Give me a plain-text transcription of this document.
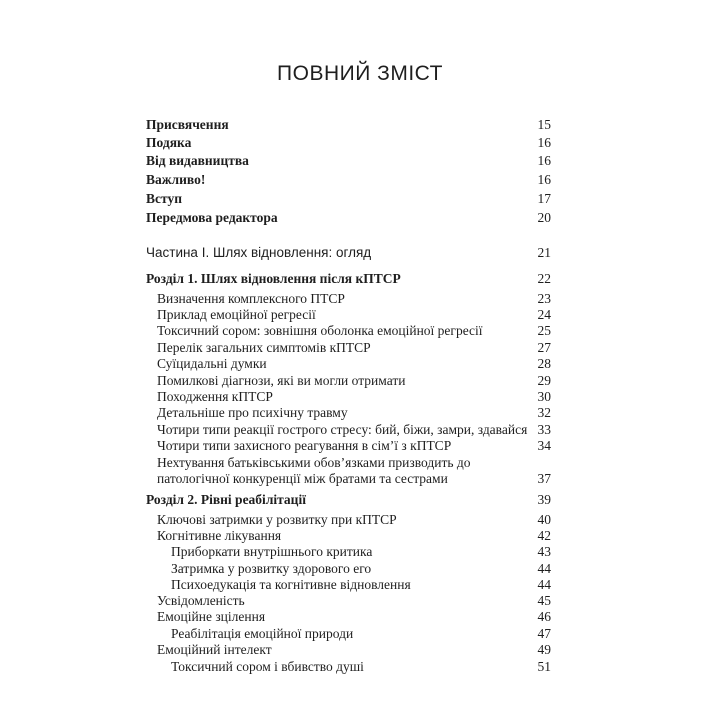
ПОВНИЙ ЗМІСТ
Присвячення	15
Подяка	16
Від видавництва	16
Важливо!	16
Вступ	17
Передмова редактора	20
Частина І. Шлях відновлення: огляд	21
Розділ 1. Шлях відновлення після кПТСР	22
Визначення комплексного ПТСР	23
Приклад емоційної регресії	24
Токсичний сором: зовнішня оболонка емоційної регресії	25
Перелік загальних симптомів кПТСР	27
Суїцидальні думки	28
Помилкові діагнози, які ви могли отримати	29
Походження кПТСР	30
Детальніше про психічну травму	32
Чотири типи реакції гострого стресу: бий, біжи, замри, здавайся 33
Чотири типи захисного реагування в сім’ї з кПТСР	34
Нехтування батьківськими обов’язками призводить до
патологічної конкуренції між братами та сестрами	37
Розділ 2. Рівні реабілітації	39
Ключові затримки у розвитку при кПТСР	40
Когнітивне лікування	42
Приборкати внутрішнього критика	43
Затримка у розвитку здорового его	44
Психоедукація та когнітивне відновлення	44
Усвідомленість	45
Емоційне зцілення	46
Реабілітація емоційної природи	47
Емоційний інтелект	49
Токсичний сором і вбивство душі	51
